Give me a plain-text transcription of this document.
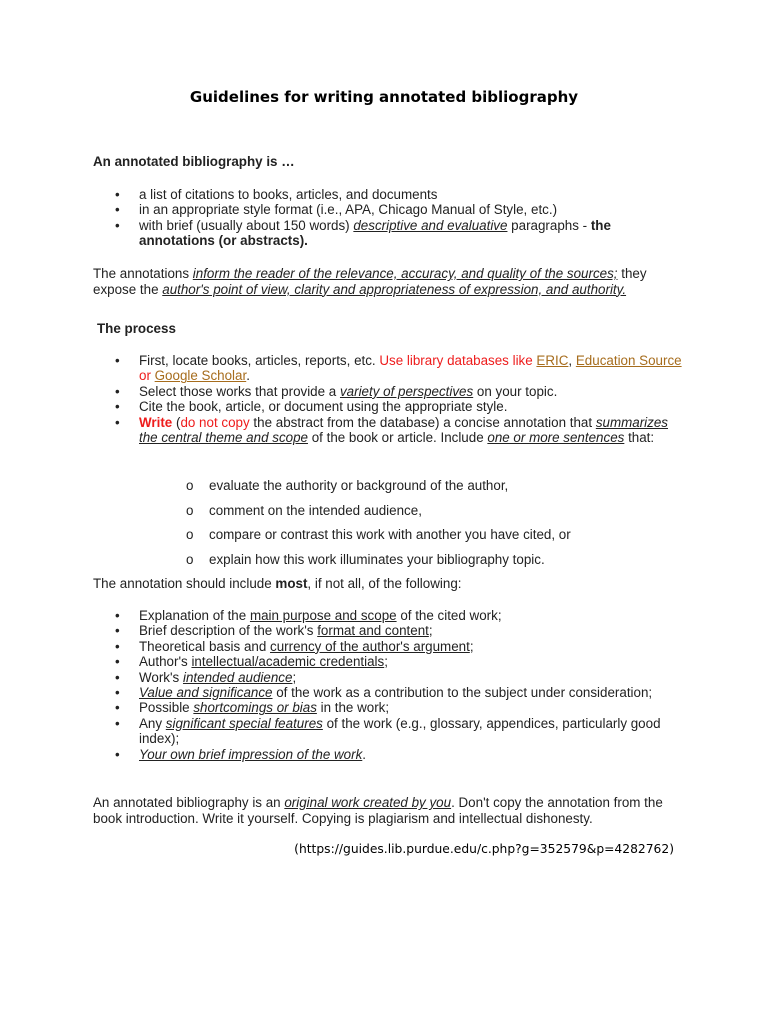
Guidelines for writing annotated bibliography

An annotated bibliography is …

• a list of citations to books, articles, and documents
• in an appropriate style format (i.e., APA, Chicago Manual of Style, etc.)
• with brief (usually about 150 words) descriptive and evaluative paragraphs - the annotations (or abstracts).

The annotations inform the reader of the relevance, accuracy, and quality of the sources; they expose the author's point of view, clarity and appropriateness of expression, and authority.

The process

• First, locate books, articles, reports, etc. Use library databases like ERIC, Education Source or Google Scholar.
• Select those works that provide a variety of perspectives on your topic.
• Cite the book, article, or document using the appropriate style.
• Write (do not copy the abstract from the database) a concise annotation that summarizes the central theme and scope of the book or article. Include one or more sentences that:
o evaluate the authority or background of the author,
o comment on the intended audience,
o compare or contrast this work with another you have cited, or
o explain how this work illuminates your bibliography topic.

The annotation should include most, if not all, of the following:

• Explanation of the main purpose and scope of the cited work;
• Brief description of the work's format and content;
• Theoretical basis and currency of the author's argument;
• Author's intellectual/academic credentials;
• Work's intended audience;
• Value and significance of the work as a contribution to the subject under consideration;
• Possible shortcomings or bias in the work;
• Any significant special features of the work (e.g., glossary, appendices, particularly good index);
• Your own brief impression of the work.

An annotated bibliography is an original work created by you. Don't copy the annotation from the book introduction. Write it yourself. Copying is plagiarism and intellectual dishonesty.

(https://guides.lib.purdue.edu/c.php?g=352579&p=4282762)
